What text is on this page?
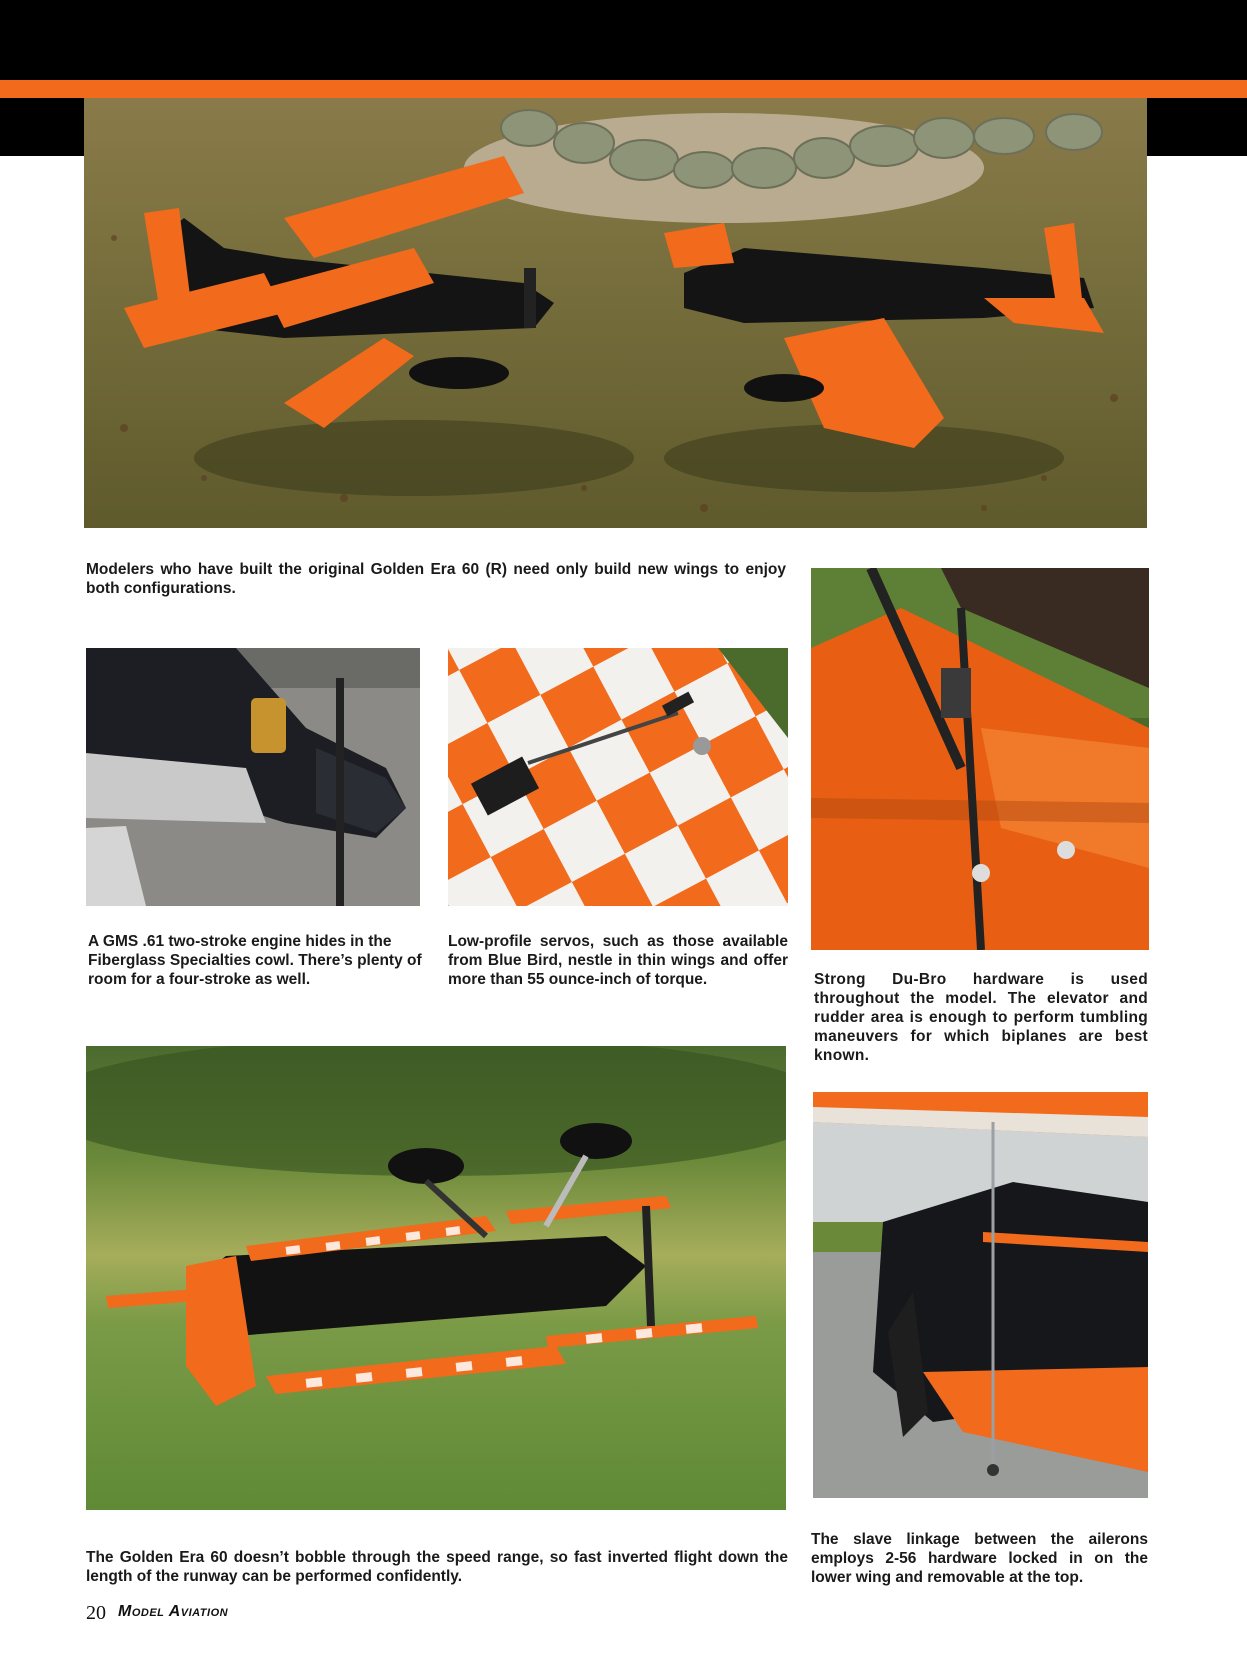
Modelers who have built the original Golden Era 60 (R) need only build new wings to enjoy both configurations.

A GMS .61 two-stroke engine hides in the Fiberglass Specialties cowl. There’s plenty of room for a four-stroke as well.

Low-profile servos, such as those available from Blue Bird, nestle in thin wings and offer more than 55 ounce-inch of torque.	Strong Du-Bro hardware is used throughout the model. The elevator and rudder area is enough to perform tumbling maneuvers for which biplanes are best known.

The Golden Era 60 doesn’t bobble through the speed range, so fast inverted flight down the length of the runway can be performed confidently.

The slave linkage between the ailerons employs 2-56 hardware locked in on the lower wing and removable at the top.

20 Model Aviation
